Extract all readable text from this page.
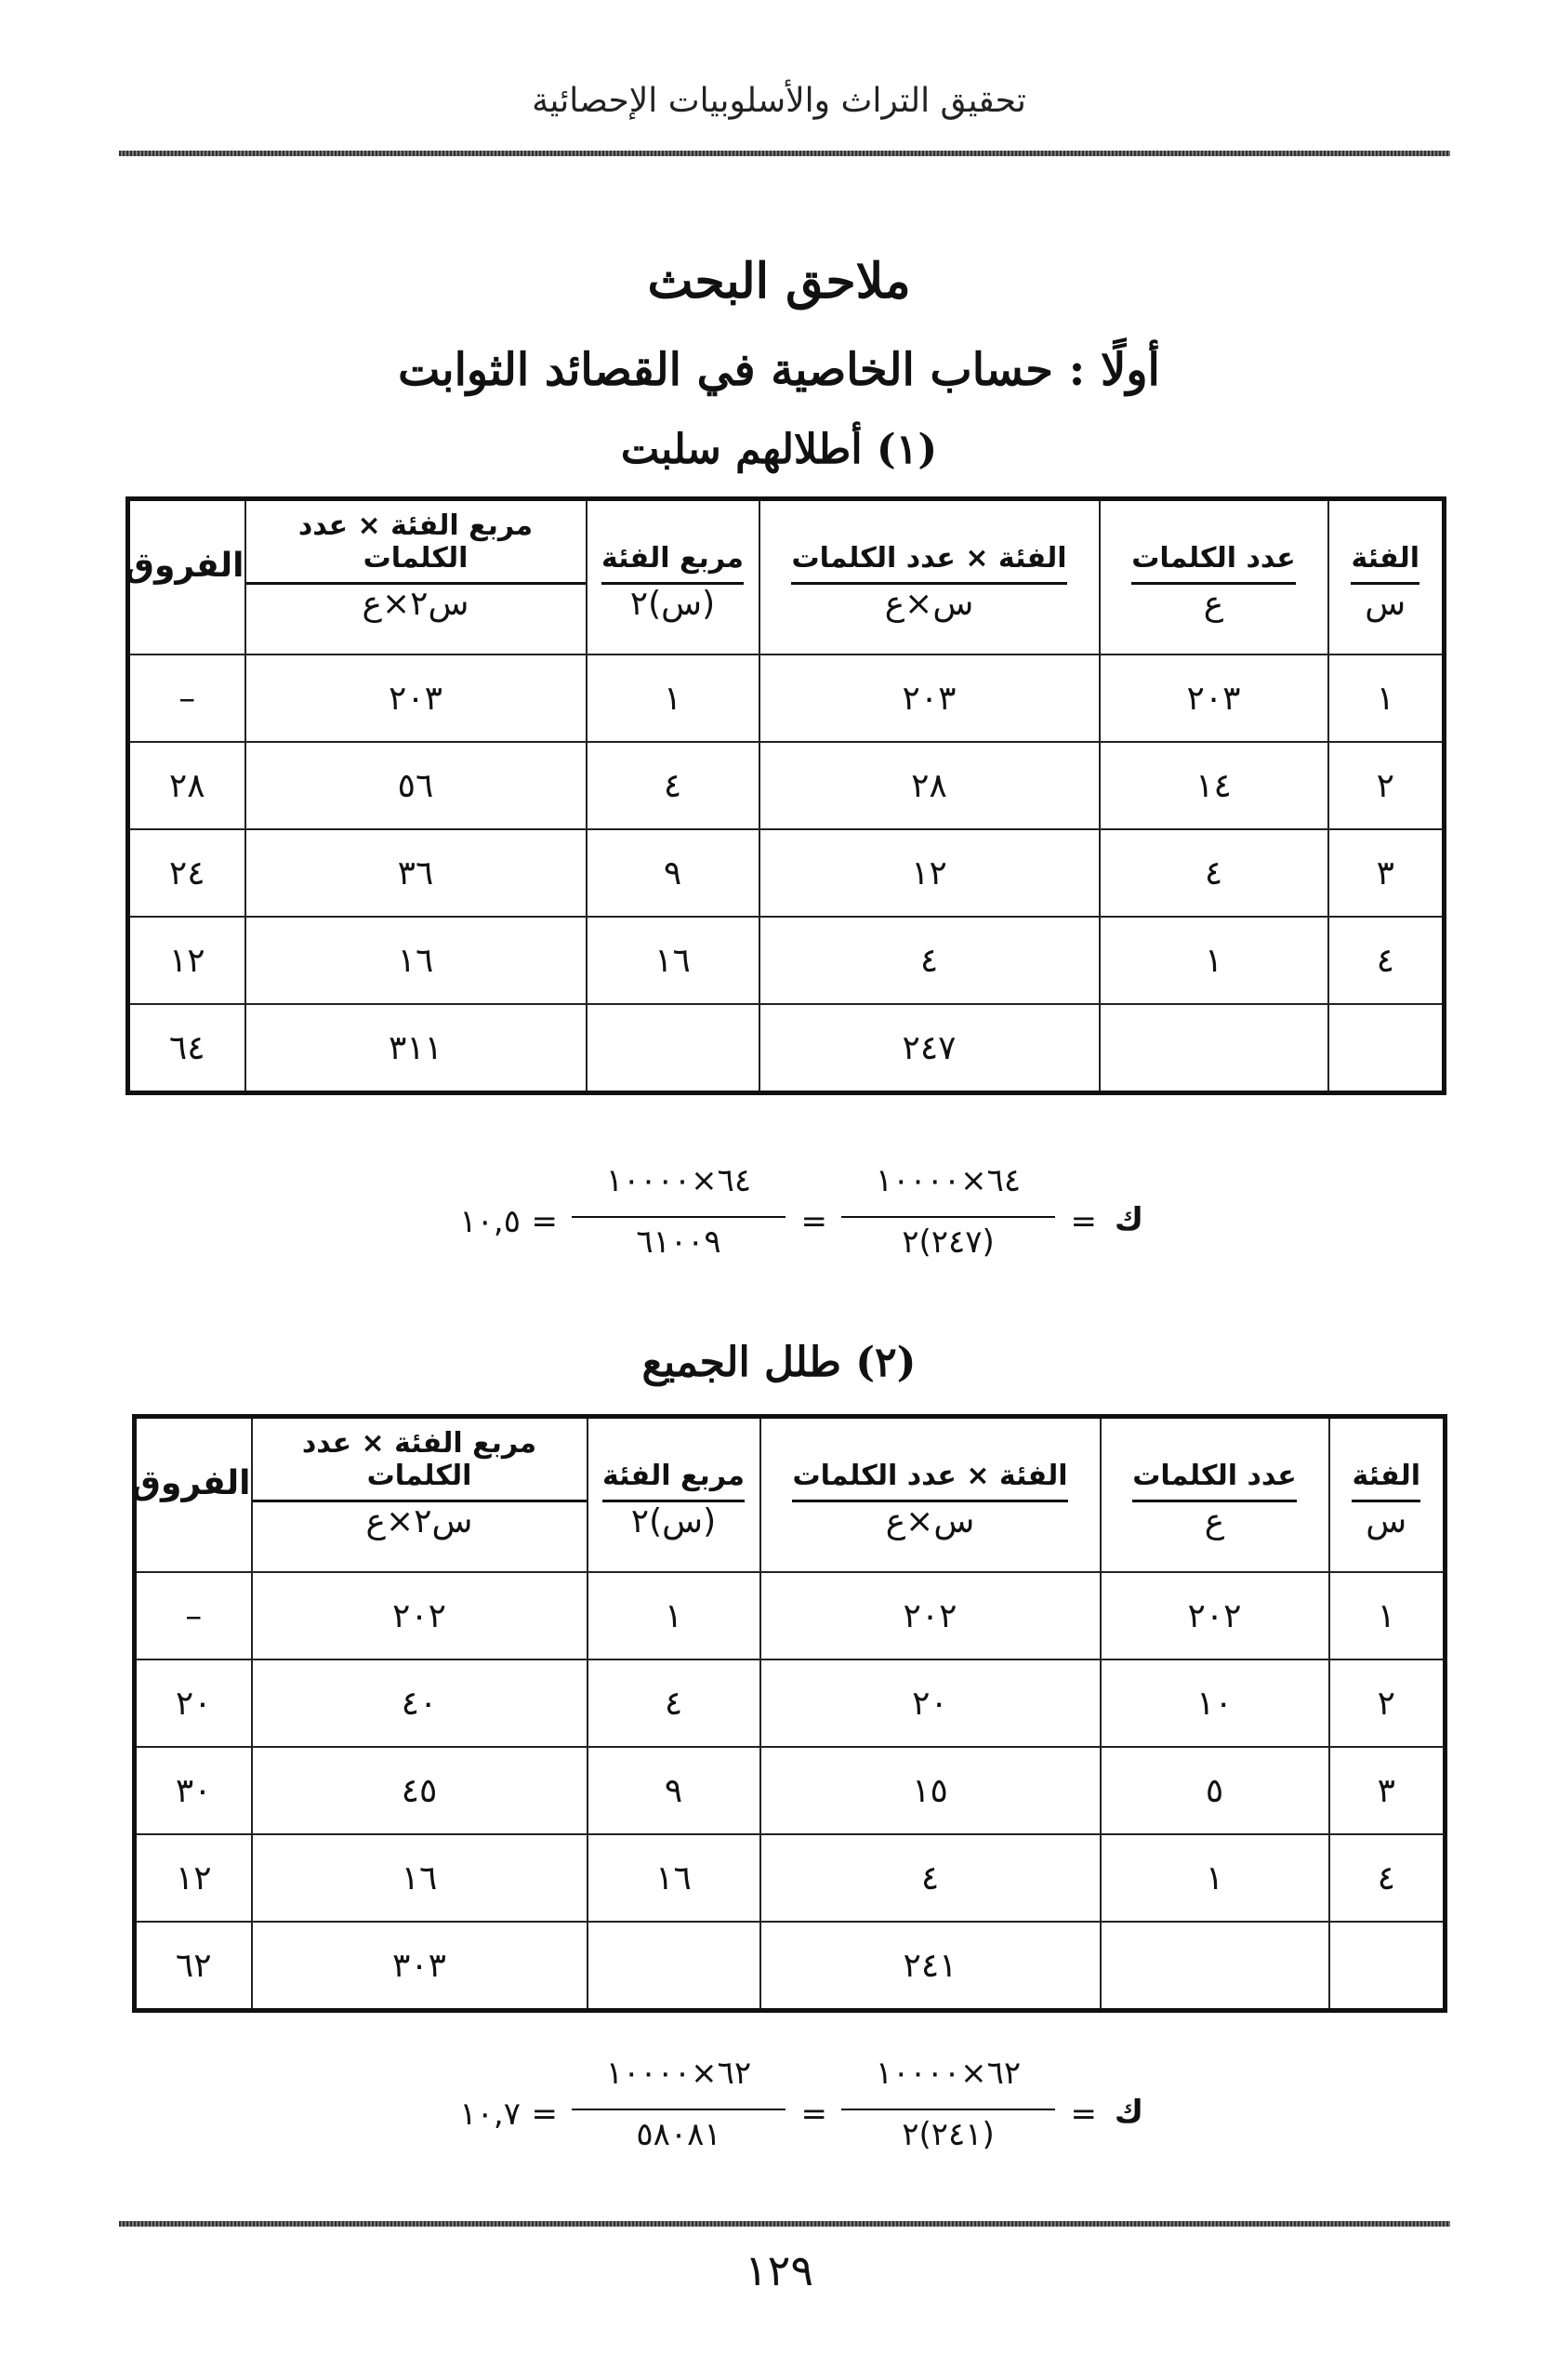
تحقيق التراث والأسلوبيات الإحصائية
ملاحق البحث
أولًا : حساب الخاصية في القصائد الثوابت
(١) أطلالهم سلبت
الفئة	عدد الكلمات	الفئة × عدد الكلمات	مربع الفئة	مربع الفئة × عدد الكلمات	الفروق
س	ع	س×ع	(س)٢	س٢×ع	
١	٢٠٣	٢٠٣	١	٢٠٣	–
٢	١٤	٢٨	٤	٥٦	٢٨
٣	٤	١٢	٩	٣٦	٢٤
٤	١	٤	١٦	١٦	١٢
		٢٤٧		٣١١	٦٤
ك
=
٦٤×١٠٠٠٠
(٢٤٧)٢
=
٦٤×١٠٠٠٠
٦١٠٠٩
=
١٠,٥
(٢) طلل الجميع
الفئة	عدد الكلمات	الفئة × عدد الكلمات	مربع الفئة	مربع الفئة × عدد الكلمات	الفروق
س	ع	س×ع	(س)٢	س٢×ع	
١	٢٠٢	٢٠٢	١	٢٠٢	–
٢	١٠	٢٠	٤	٤٠	٢٠
٣	٥	١٥	٩	٤٥	٣٠
٤	١	٤	١٦	١٦	١٢
		٢٤١		٣٠٣	٦٢
ك
=
٦٢×١٠٠٠٠
(٢٤١)٢
=
٦٢×١٠٠٠٠
٥٨٠٨١
=
١٠,٧
١٢٩
